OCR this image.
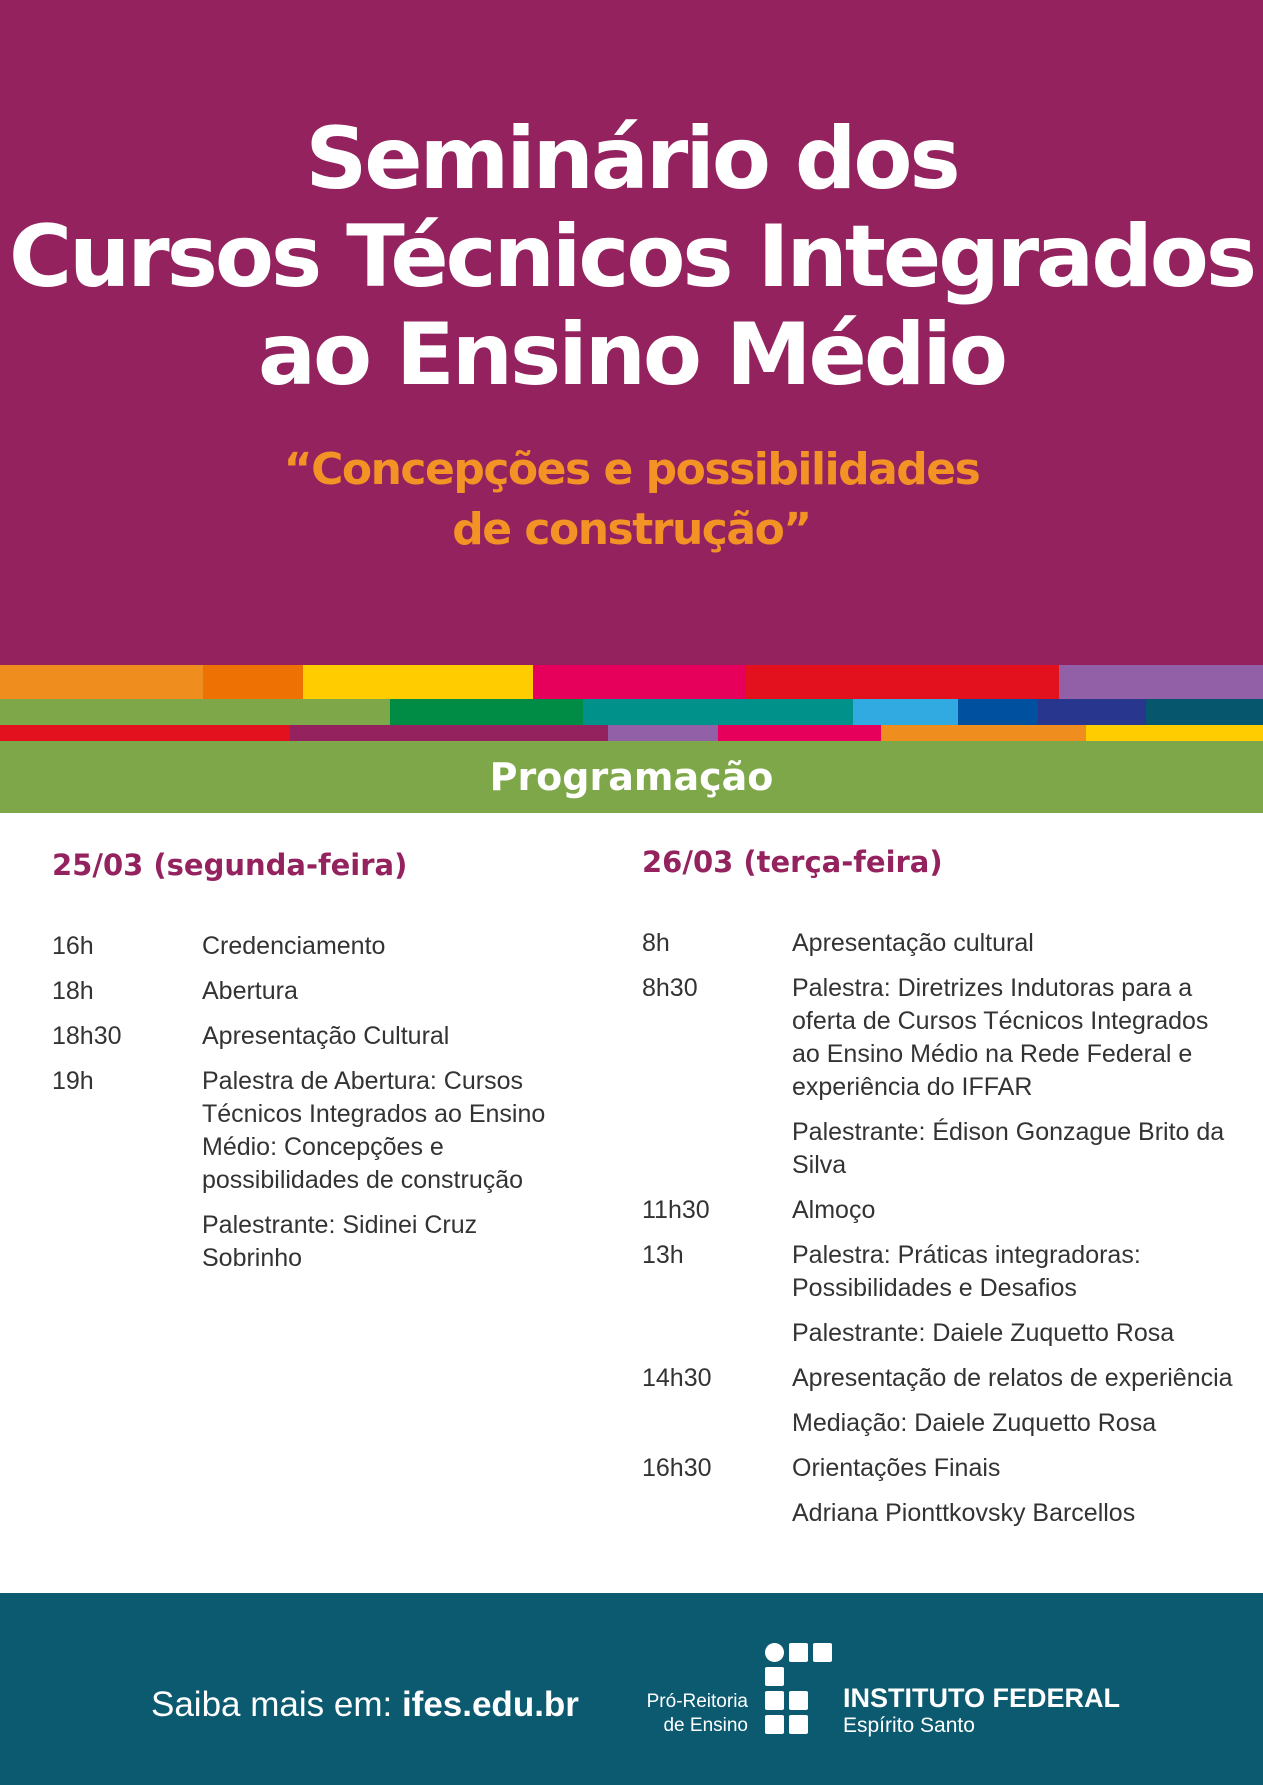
Seminário dos
Cursos Técnicos Integrados
ao Ensino Médio
“Concepções e possibilidades
de construção”
Programação
25/03 (segunda-feira)
16h	Credenciamento

18h	Abertura

18h30	Apresentação Cultural

19h	Palestra de Abertura: Cursos Técnicos Integrados ao Ensino Médio: Concepções e possibilidades de construção

Palestrante: Sidinei Cruz Sobrinho

26/03 (terça-feira)
8h	Apresentação cultural

8h30	Palestra: Diretrizes Indutoras para a oferta de Cursos Técnicos Integrados ao Ensino Médio na Rede Federal e experiência do IFFAR

Palestrante: Édison Gonzague Brito da Silva

11h30	Almoço

13h	Palestra: Práticas integradoras: Possibilidades e Desafios

Palestrante: Daiele Zuquetto Rosa

14h30	Apresentação de relatos de experiência

Mediação: Daiele Zuquetto Rosa

16h30	Orientações Finais

Adriana Pionttkovsky Barcellos

Saiba mais em: ifes.edu.br	Pró-Reitoria
de Ensino
INSTITUTO FEDERAL
Espírito Santo
